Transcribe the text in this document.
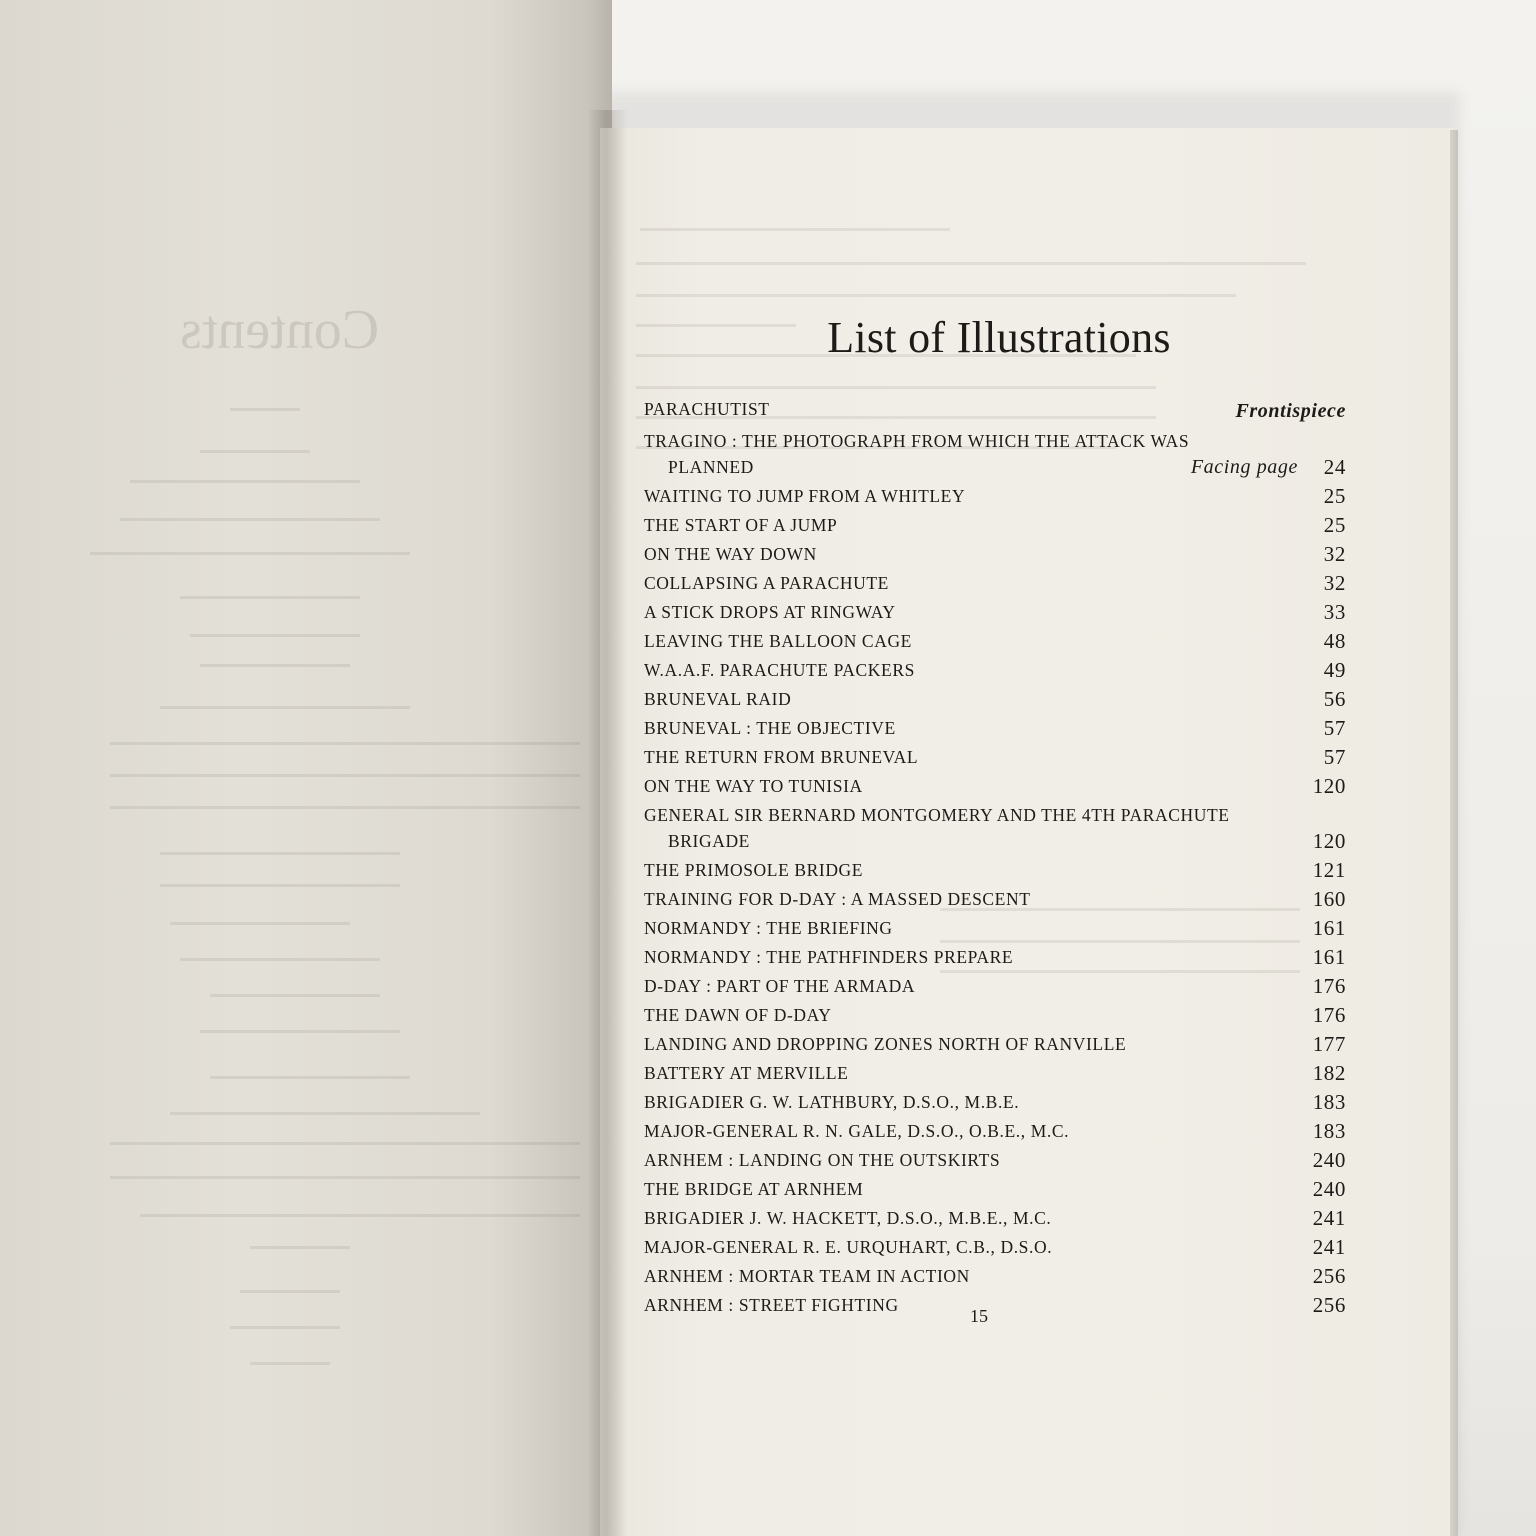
Contents	List of Illustrations
PARACHUTIST	Frontispiece
TRAGINO : THE PHOTOGRAPH FROM WHICH THE ATTACK WAS
PLANNED	Facing page 24
WAITING TO JUMP FROM A WHITLEY	25
THE START OF A JUMP	25
ON THE WAY DOWN	32
COLLAPSING A PARACHUTE	32
A STICK DROPS AT RINGWAY	33
LEAVING THE BALLOON CAGE	48
W.A.A.F. PARACHUTE PACKERS	49
BRUNEVAL RAID	56
BRUNEVAL : THE OBJECTIVE	57
THE RETURN FROM BRUNEVAL	57
ON THE WAY TO TUNISIA	120
GENERAL SIR BERNARD MONTGOMERY AND THE 4TH PARACHUTE
BRIGADE	120
THE PRIMOSOLE BRIDGE	121
TRAINING FOR D-DAY : A MASSED DESCENT	160
NORMANDY : THE BRIEFING	161
NORMANDY : THE PATHFINDERS PREPARE	161
D-DAY : PART OF THE ARMADA	176
THE DAWN OF D-DAY	176
LANDING AND DROPPING ZONES NORTH OF RANVILLE	177
BATTERY AT MERVILLE	182
BRIGADIER G. W. LATHBURY, D.S.O., M.B.E.	183
MAJOR-GENERAL R. N. GALE, D.S.O., O.B.E., M.C.	183
ARNHEM : LANDING ON THE OUTSKIRTS	240
THE BRIDGE AT ARNHEM	240
BRIGADIER J. W. HACKETT, D.S.O., M.B.E., M.C.	241
MAJOR-GENERAL R. E. URQUHART, C.B., D.S.O.	241
ARNHEM : MORTAR TEAM IN ACTION	256
ARNHEM : STREET FIGHTING	256
15
